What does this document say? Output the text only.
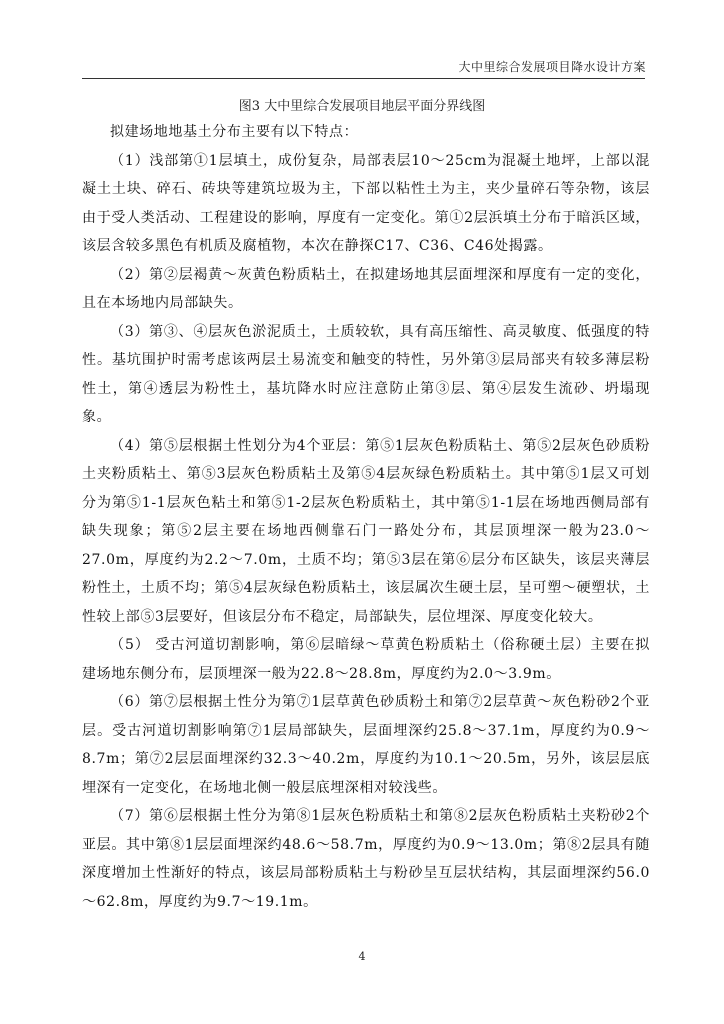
大中里综合发展项目降水设计方案
图3 大中里综合发展项目地层平面分界线图

拟建场地地基土分布主要有以下特点：

（1）浅部第①1层填土，成份复杂，局部表层10～25cm为混凝土地坪，上部以混凝土土块、碎石、砖块等建筑垃圾为主，下部以粘性土为主，夹少量碎石等杂物，该层由于受人类活动、工程建设的影响，厚度有一定变化。第①2层浜填土分布于暗浜区域，该层含较多黑色有机质及腐植物，本次在静探C17、C36、C46处揭露。

（2）第②层褐黄～灰黄色粉质粘土，在拟建场地其层面埋深和厚度有一定的变化，且在本场地内局部缺失。

（3）第③、④层灰色淤泥质土，土质较软，具有高压缩性、高灵敏度、低强度的特性。基坑围护时需考虑该两层土易流变和触变的特性，另外第③层局部夹有较多薄层粉性土，第④透层为粉性土，基坑降水时应注意防止第③层、第④层发生流砂、坍塌现象。

（4）第⑤层根据土性划分为4个亚层：第⑤1层灰色粉质粘土、第⑤2层灰色砂质粉土夹粉质粘土、第⑤3层灰色粉质粘土及第⑤4层灰绿色粉质粘土。其中第⑤1层又可划分为第⑤1-1层灰色粘土和第⑤1-2层灰色粉质粘土，其中第⑤1-1层在场地西侧局部有缺失现象；第⑤2层主要在场地西侧靠石门一路处分布，其层顶埋深一般为23.0～27.0m，厚度约为2.2～7.0m，土质不均；第⑤3层在第⑥层分布区缺失，该层夹薄层粉性土，土质不均；第⑤4层灰绿色粉质粘土，该层属次生硬土层，呈可塑～硬塑状，土性较上部⑤3层要好，但该层分布不稳定，局部缺失，层位埋深、厚度变化较大。

（5） 受古河道切割影响，第⑥层暗绿～草黄色粉质粘土（俗称硬土层）主要在拟建场地东侧分布，层顶埋深一般为22.8～28.8m，厚度约为2.0～3.9m。

（6）第⑦层根据土性分为第⑦1层草黄色砂质粉土和第⑦2层草黄～灰色粉砂2个亚层。受古河道切割影响第⑦1层局部缺失，层面埋深约25.8～37.1m，厚度约为0.9～8.7m；第⑦2层层面埋深约32.3～40.2m，厚度约为10.1～20.5m，另外，该层层底埋深有一定变化，在场地北侧一般层底埋深相对较浅些。

（7）第⑥层根据土性分为第⑧1层灰色粉质粘土和第⑧2层灰色粉质粘土夹粉砂2个亚层。其中第⑧1层层面埋深约48.6～58.7m，厚度约为0.9～13.0m；第⑧2层具有随深度增加土性渐好的特点，该层局部粉质粘土与粉砂呈互层状结构，其层面埋深约56.0～62.8m，厚度约为9.7～19.1m。

4
